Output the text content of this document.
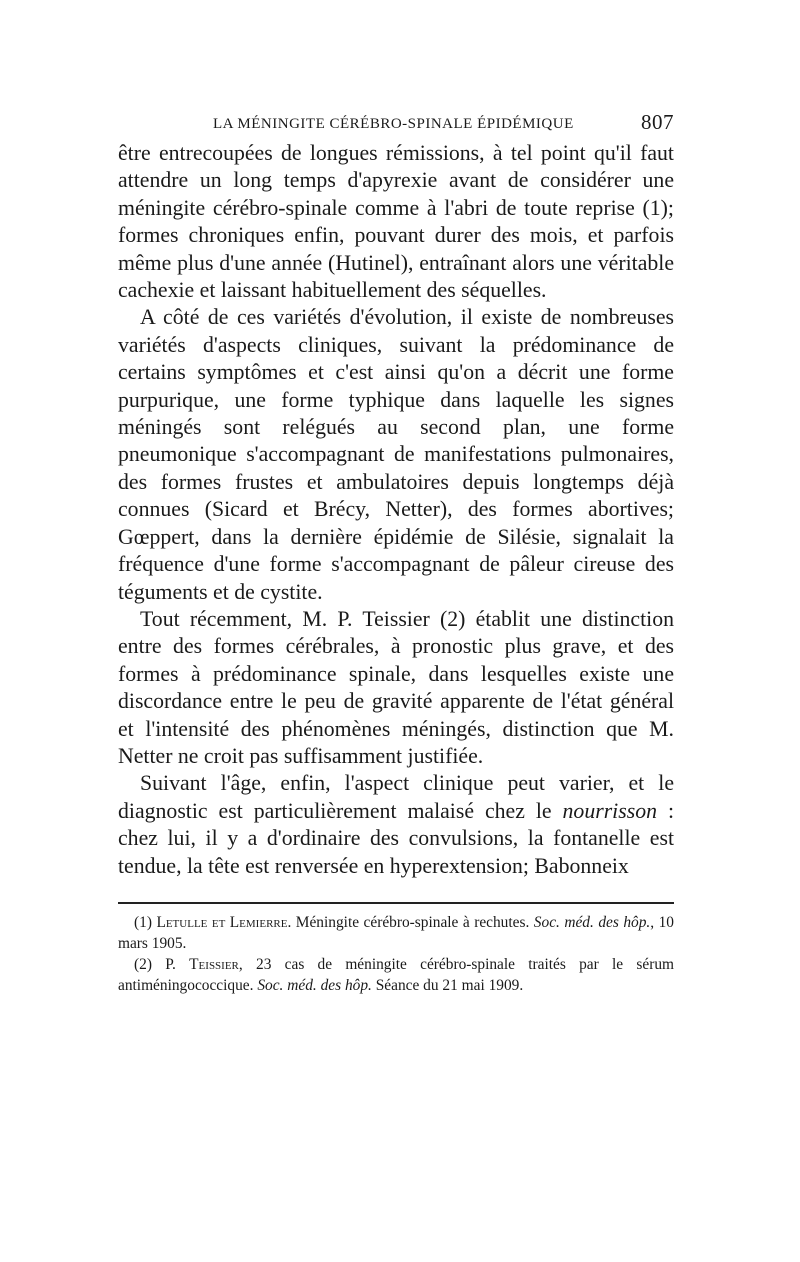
LA MÉNINGITE CÉRÉBRO-SPINALE ÉPIDÉMIQUE	807

être entrecoupées de longues rémissions, à tel point qu'il faut attendre un long temps d'apyrexie avant de considérer une méningite cérébro-spinale comme à l'abri de toute reprise (1); formes chroniques enfin, pouvant durer des mois, et parfois même plus d'une année (Hutinel), entraînant alors une véritable cachexie et laissant habituellement des séquelles.

A côté de ces variétés d'évolution, il existe de nombreuses variétés d'aspects cliniques, suivant la prédominance de certains symptômes et c'est ainsi qu'on a décrit une forme purpurique, une forme typhique dans laquelle les signes méningés sont relégués au second plan, une forme pneumonique s'accompagnant de manifestations pulmonaires, des formes frustes et ambulatoires depuis longtemps déjà connues (Sicard et Brécy, Netter), des formes abortives; Gœppert, dans la dernière épidémie de Silésie, signalait la fréquence d'une forme s'accompagnant de pâleur cireuse des téguments et de cystite.

Tout récemment, M. P. Teissier (2) établit une distinction entre des formes cérébrales, à pronostic plus grave, et des formes à prédominance spinale, dans lesquelles existe une discordance entre le peu de gravité apparente de l'état général et l'intensité des phénomènes méningés, distinction que M. Netter ne croit pas suffisamment justifiée.

Suivant l'âge, enfin, l'aspect clinique peut varier, et le diagnostic est particulièrement malaisé chez le nourrisson : chez lui, il y a d'ordinaire des convulsions, la fontanelle est tendue, la tête est renversée en hyperextension; Babonneix

(1) Letulle et Lemierre. Méningite cérébro-spinale à rechutes. Soc. méd. des hôp., 10 mars 1905.

(2) P. Teissier, 23 cas de méningite cérébro-spinale traités par le sérum antiméningococcique. Soc. méd. des hôp. Séance du 21 mai 1909.
